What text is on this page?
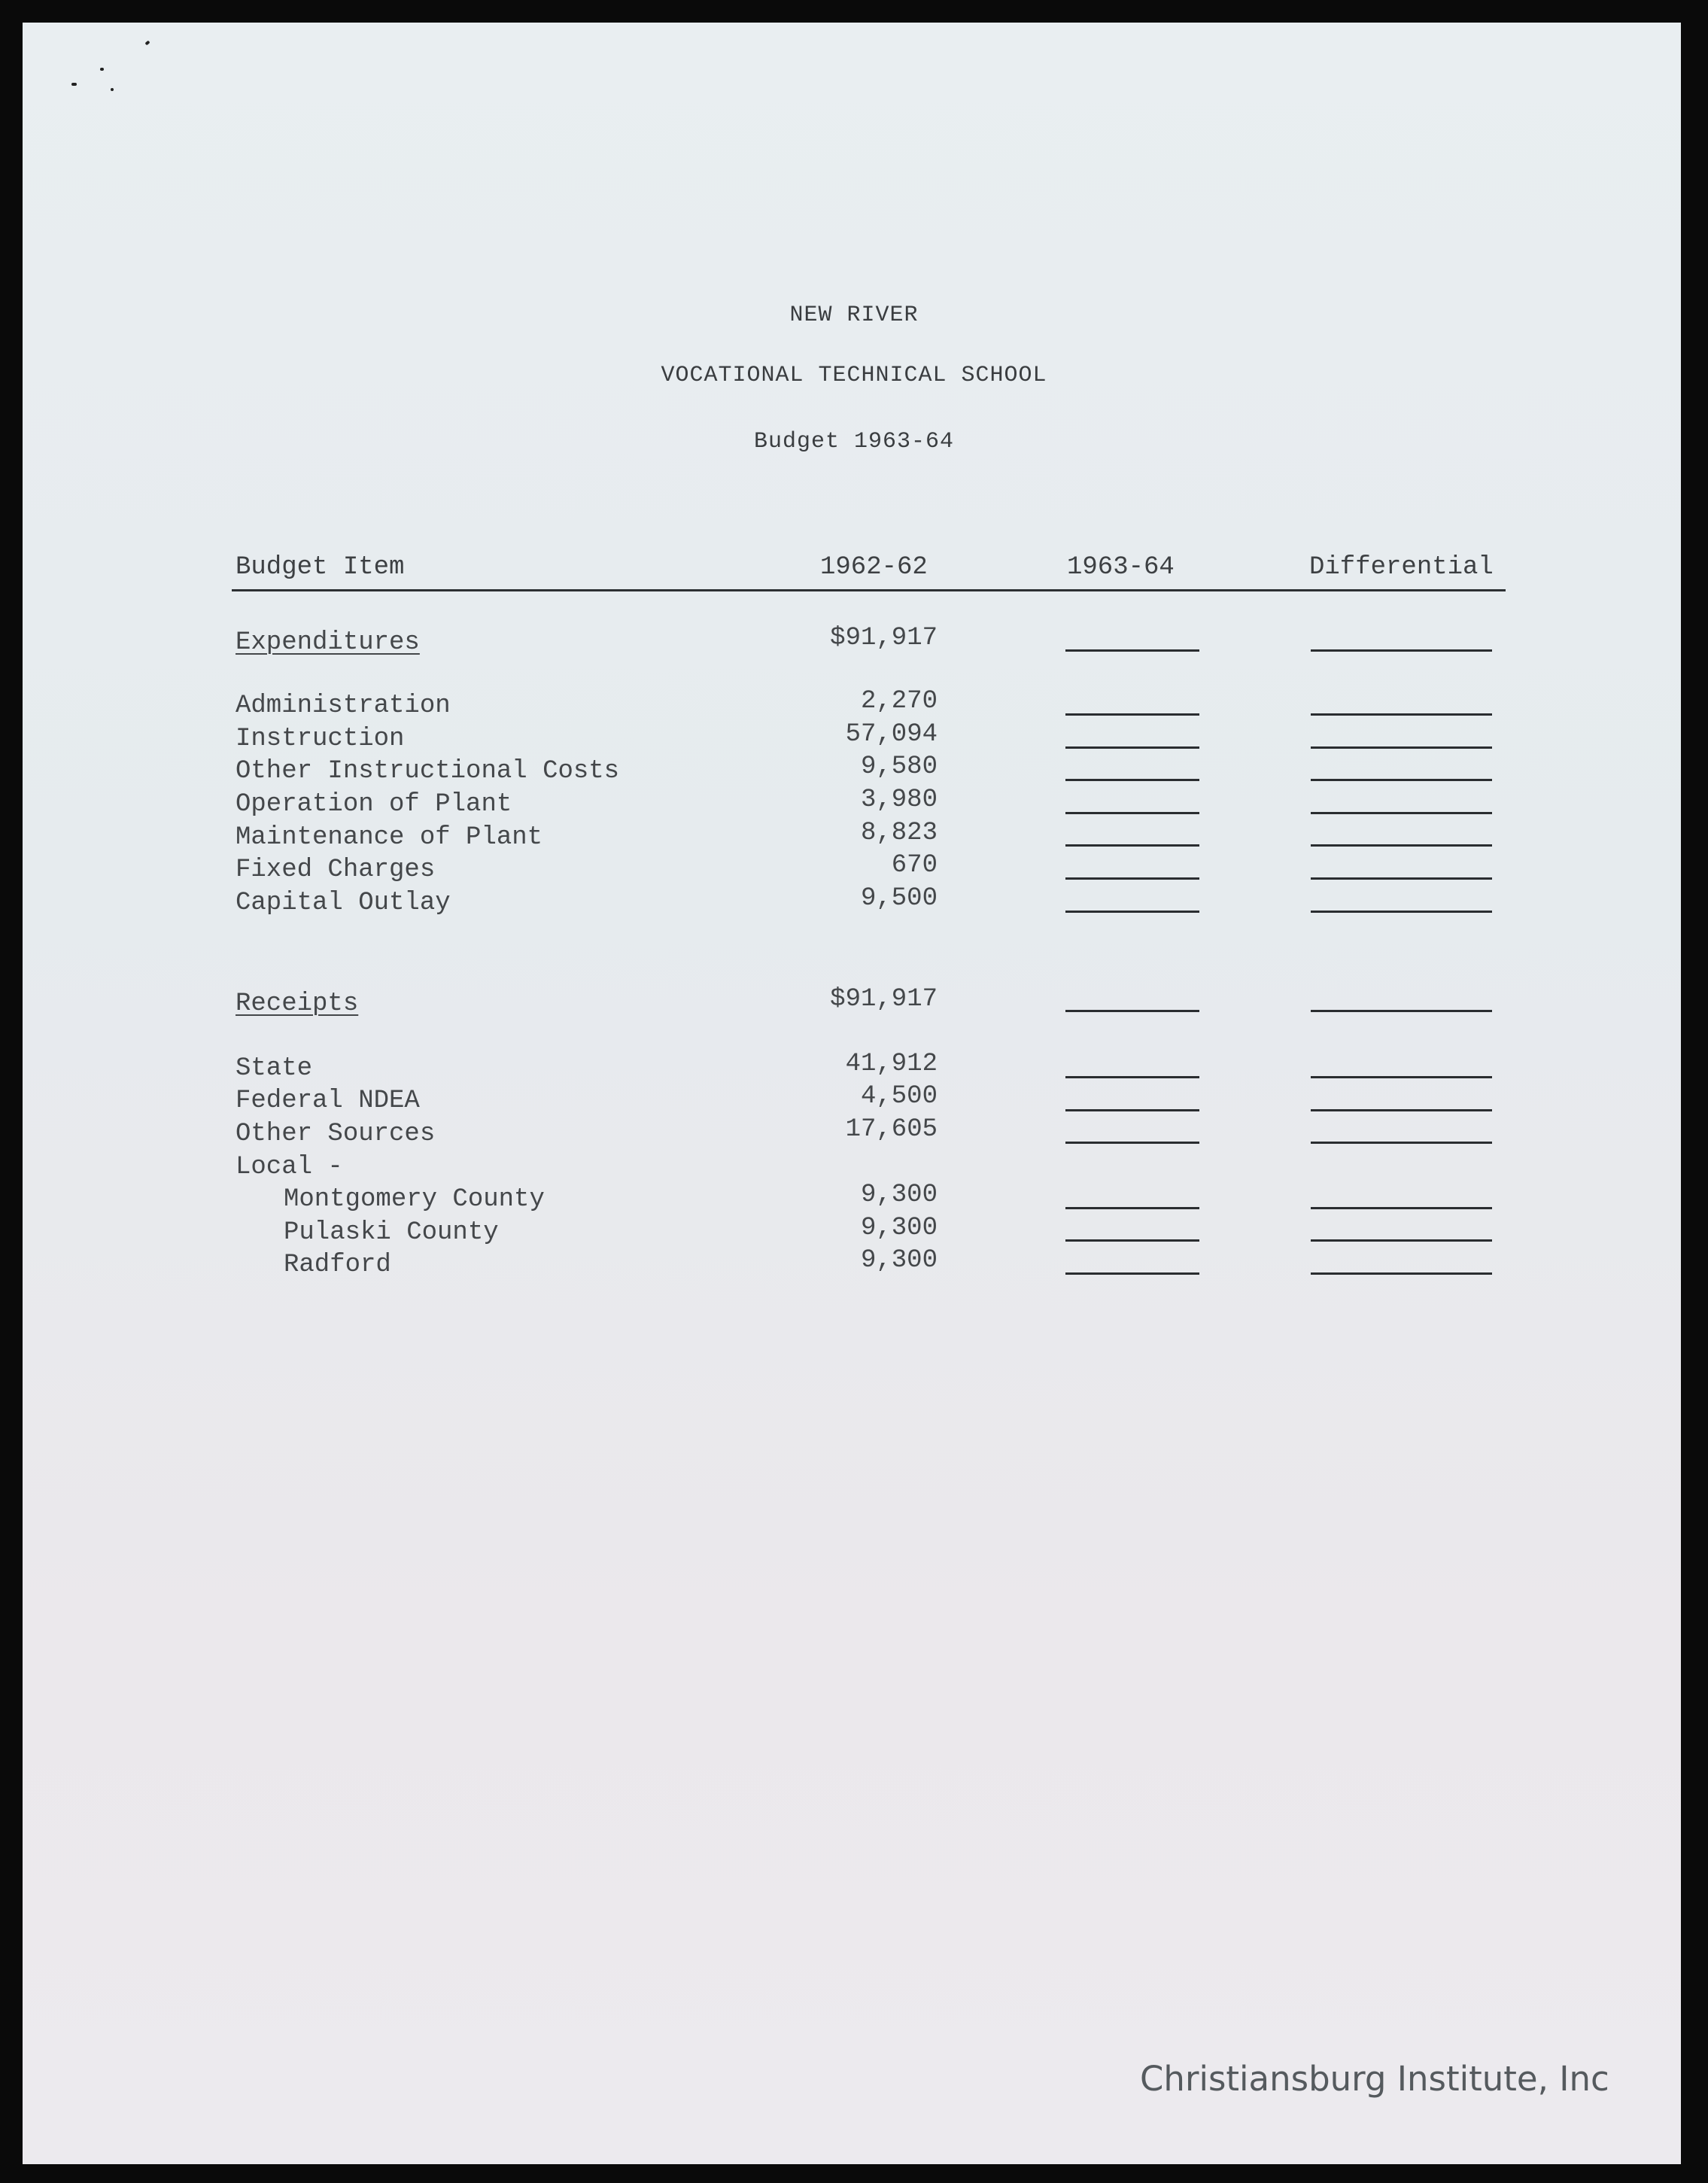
NEW RIVER
VOCATIONAL TECHNICAL SCHOOL
Budget 1963-64
Budget Item	1962-62	1963-64	Differential
Expenditures	$91,917
Administration	2,270
Instruction	57,094
Other Instructional Costs	9,580
Operation of Plant	3,980
Maintenance of Plant	8,823
Fixed Charges	670
Capital Outlay	9,500
Receipts	$91,917
State	41,912
Federal NDEA	4,500
Other Sources	17,605
Local -
Montgomery County	9,300
Pulaski County	9,300
Radford	9,300
Christiansburg Institute, Inc
